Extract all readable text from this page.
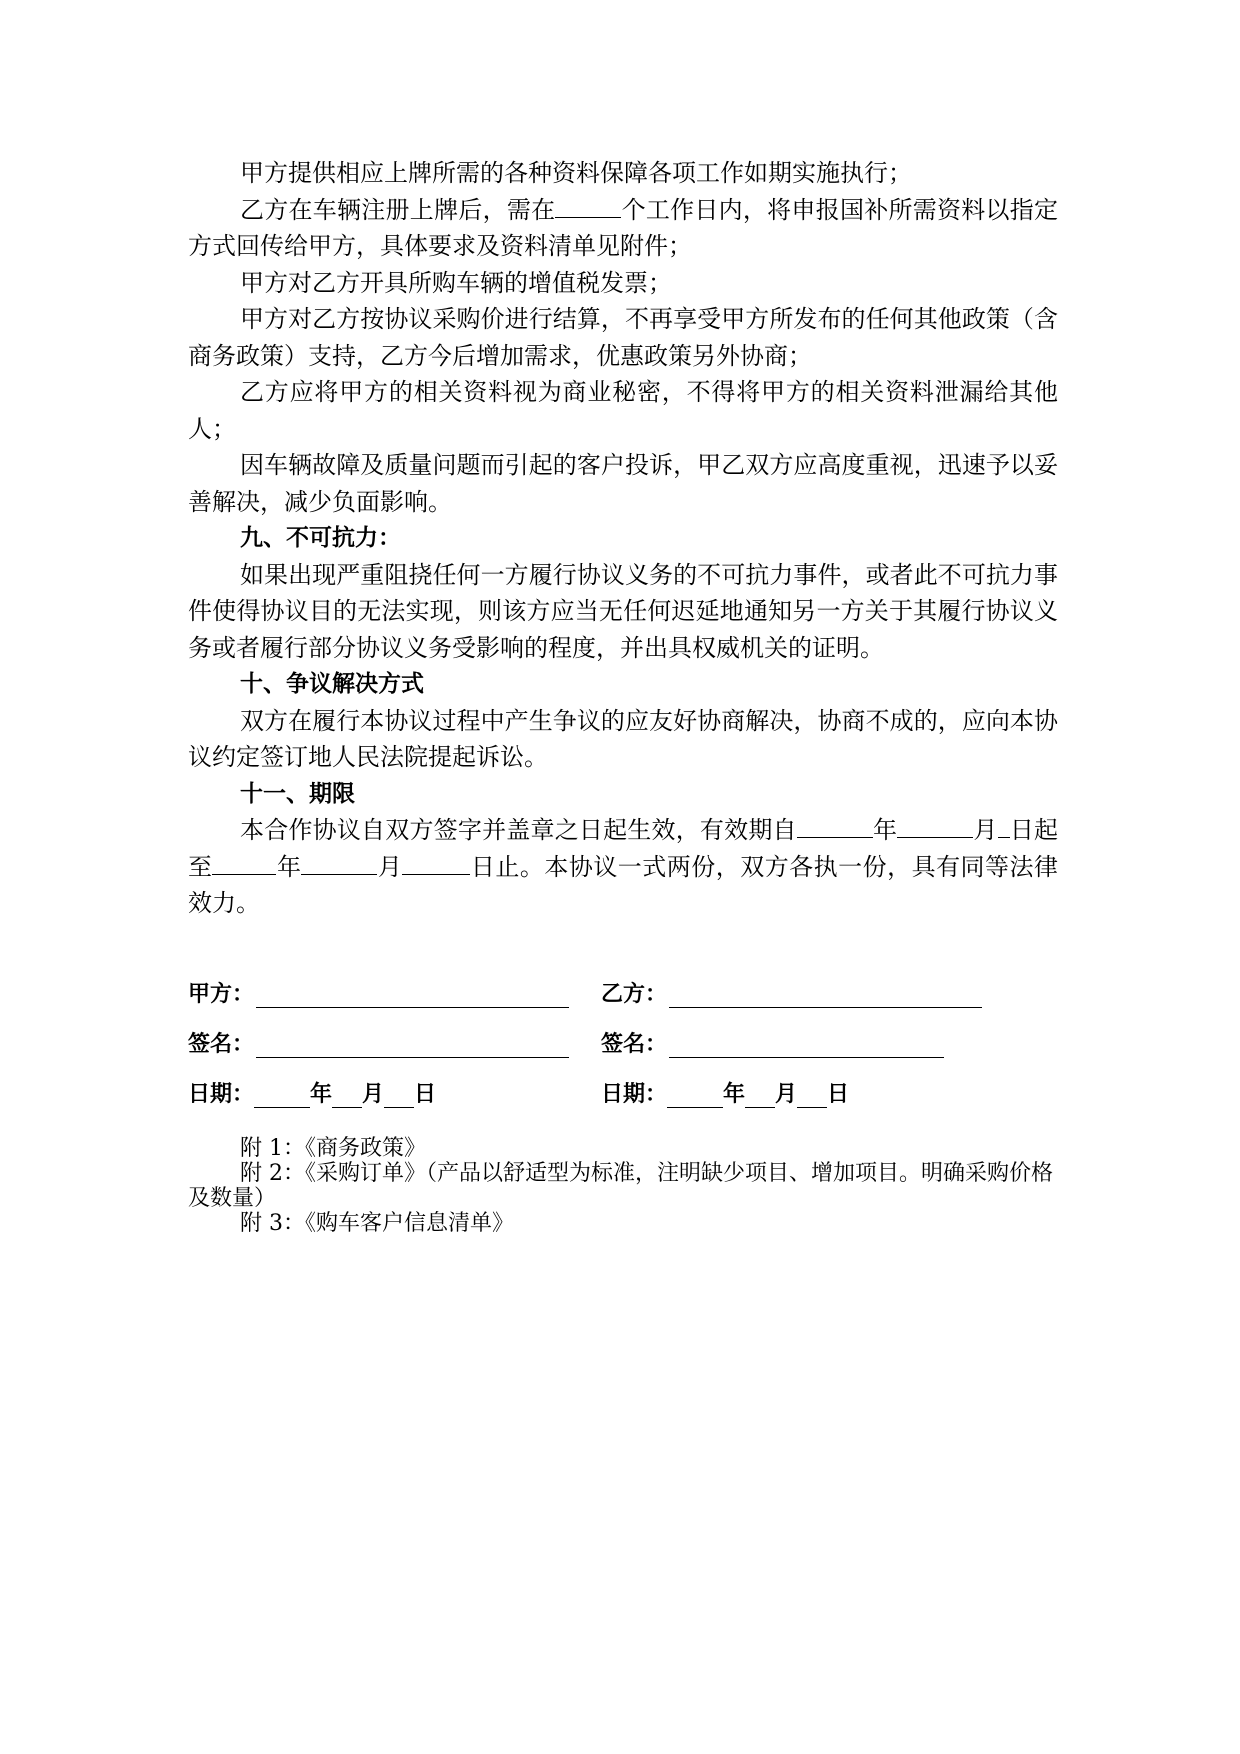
甲方提供相应上牌所需的各种资料保障各项工作如期实施执行；

乙方在车辆注册上牌后，需在	个工作日内，将申报国补所需资料以指定方式回传给甲方，具体要求及资料清单见附件；

甲方对乙方开具所购车辆的增值税发票；

甲方对乙方按协议采购价进行结算，不再享受甲方所发布的任何其他政策（含商务政策）支持，乙方今后增加需求，优惠政策另外协商；

乙方应将甲方的相关资料视为商业秘密，不得将甲方的相关资料泄漏给其他人；

因车辆故障及质量问题而引起的客户投诉，甲乙双方应高度重视，迅速予以妥善解决，减少负面影响。

九、不可抗力：

如果出现严重阻挠任何一方履行协议义务的不可抗力事件，或者此不可抗力事件使得协议目的无法实现，则该方应当无任何迟延地通知另一方关于其履行协议义务或者履行部分协议义务受影响的程度，并出具权威机关的证明。

十、争议解决方式

双方在履行本协议过程中产生争议的应友好协商解决，协商不成的，应向本协议约定签订地人民法院提起诉讼。

十一、期限

本合作协议自双方签字并盖章之日起生效，有效期自	年	月 日起至	年	月	日止。本协议一式两份，双方各执一份，具有同等法律效力。

甲方：	乙方：
签名：	签名：
日期：	年 月 日	日期：	年 月 日

附 1：《商务政策》

附 2：《采购订单》（产品以舒适型为标准，注明缺少项目、增加项目。明确采购价格及数量）

附 3：《购车客户信息清单》
